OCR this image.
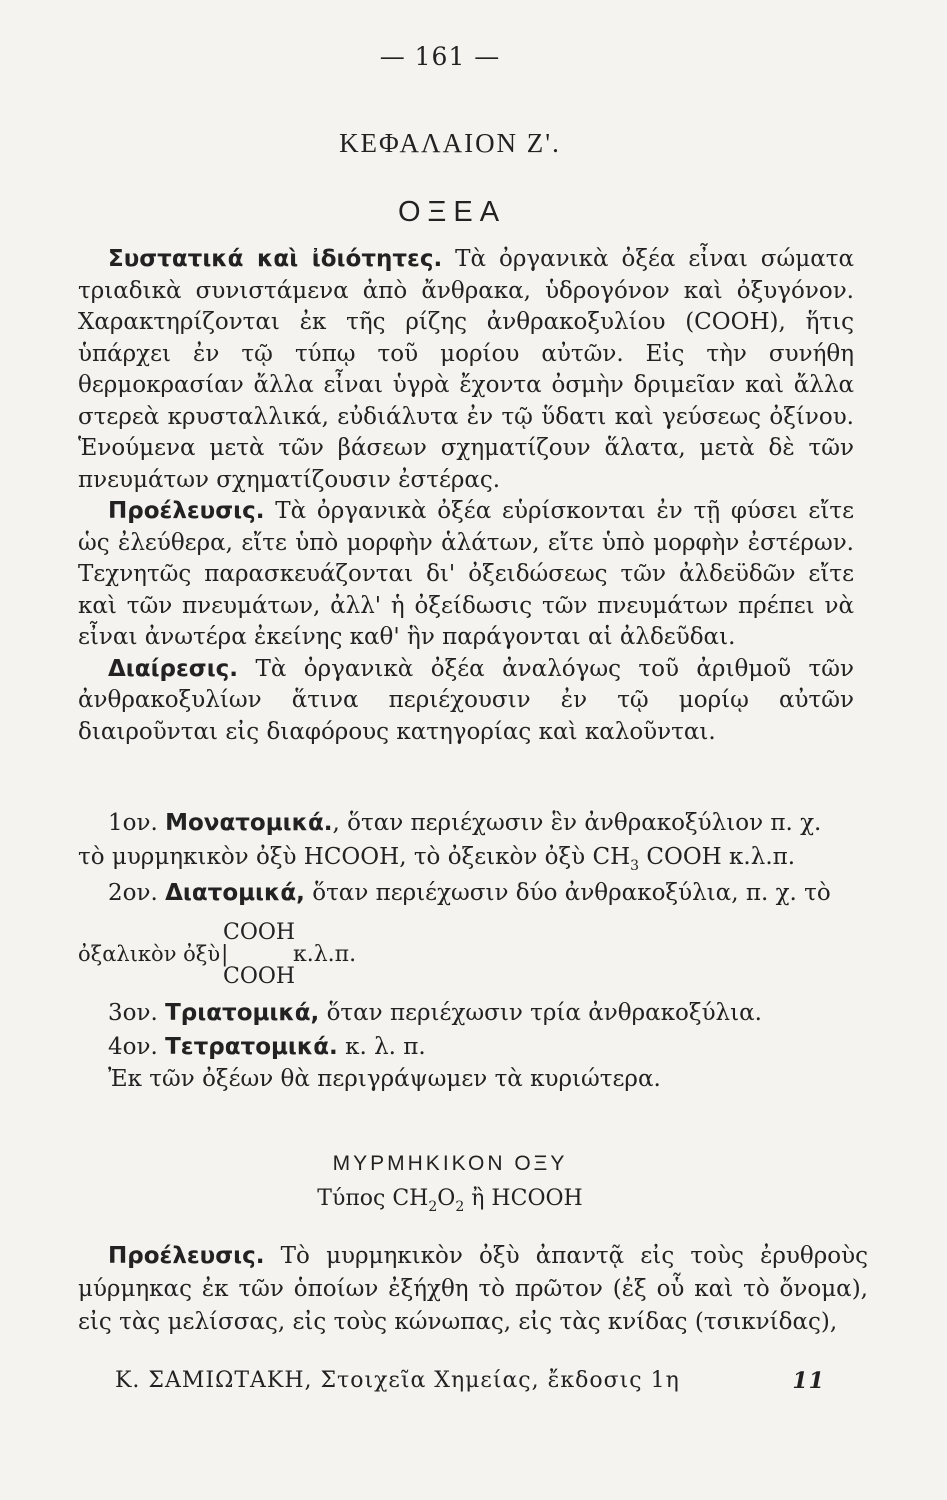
— 161 —
ΚΕΦΑΛΑΙΟΝ Ζ'.
ΟΞΕΑ

Συστατικά καὶ ἰδιότητες. Τὰ ὀργανικὰ ὀξέα εἶναι σώματα τριαδικὰ συνιστάμενα ἀπὸ ἄνθρακα, ὑδρογόνον καὶ ὀξυγόνον. Χαρακτηρίζονται ἐκ τῆς ρίζης ἀνθρακοξυλίου (COOH), ἥτις ὑπάρχει ἐν τῷ τύπῳ τοῦ μορίου αὐτῶν. Εἰς τὴν συνήθη θερμοκρασίαν ἄλλα εἶναι ὑγρὰ ἔχοντα ὀσμὴν δριμεῖαν καὶ ἄλλα στερεὰ κρυσταλλικά, εὐδιάλυτα ἐν τῷ ὕδατι καὶ γεύσεως ὀξίνου. Ἑνούμενα μετὰ τῶν βάσεων σχηματίζουν ἅλατα, μετὰ δὲ τῶν πνευμάτων σχηματίζουσιν ἐστέρας.

Προέλευσις. Τὰ ὀργανικὰ ὀξέα εὑρίσκονται ἐν τῇ φύσει εἴτε ὡς ἐλεύθερα, εἴτε ὑπὸ μορφὴν ἁλάτων, εἴτε ὑπὸ μορφὴν ἐστέρων. Τεχνητῶς παρασκευάζονται δι' ὀξειδώσεως τῶν ἀλδεϋδῶν εἴτε καὶ τῶν πνευμάτων, ἀλλ' ἡ ὀξείδωσις τῶν πνευμάτων πρέπει νὰ εἶναι ἀνωτέρα ἐκείνης καθ' ἣν παράγονται αἱ ἀλδεῦδαι.

Διαίρεσις. Τὰ ὀργανικὰ ὀξέα ἀναλόγως τοῦ ἀριθμοῦ τῶν ἀνθρακοξυλίων ἅτινα περιέχουσιν ἐν τῷ μορίῳ αὐτῶν διαιροῦνται εἰς διαφόρους κατηγορίας καὶ καλοῦνται.

1ον. Μονατομικά., ὅταν περιέχωσιν ἓν ἀνθρακοξύλιον π. χ.
τὸ μυρμηκικὸν ὀξὺ HCOOH, τὸ ὀξεικὸν ὀξὺ $CH_3$ COOH κ.λ.π.
2ον. Διατομικά, ὅταν περιέχωσιν δύο ἀνθρακοξύλια, π. χ. τὸ
COOH
ὀξαλικὸν ὀξὺ |	κ.λ.π.
COOH
3ον. Τριατομικά, ὅταν περιέχωσιν τρία ἀνθρακοξύλια.
4ον. Τετρατομικά. κ. λ. π.
Ἐκ τῶν ὀξέων θὰ περιγράψωμεν τὰ κυριώτερα.
ΜΥΡΜΗΚΙΚΟΝ ΟΞΥ
Τύπος $CH_2O_2$ ἢ HCOOH

Προέλευσις. Τὸ μυρμηκικὸν ὀξὺ ἀπαντᾷ εἰς τοὺς ἐρυθροὺς μύρμηκας ἐκ τῶν ὁποίων ἐξήχθη τὸ πρῶτον (ἐξ οὗ καὶ τὸ ὄνομα), εἰς τὰς μελίσσας, εἰς τοὺς κώνωπας, εἰς τὰς κνίδας (τσικνίδας),

Κ. ΣΑΜΙΩΤΑΚΗ, Στοιχεῖα Χημείας, ἔκδοσις 1η	11
